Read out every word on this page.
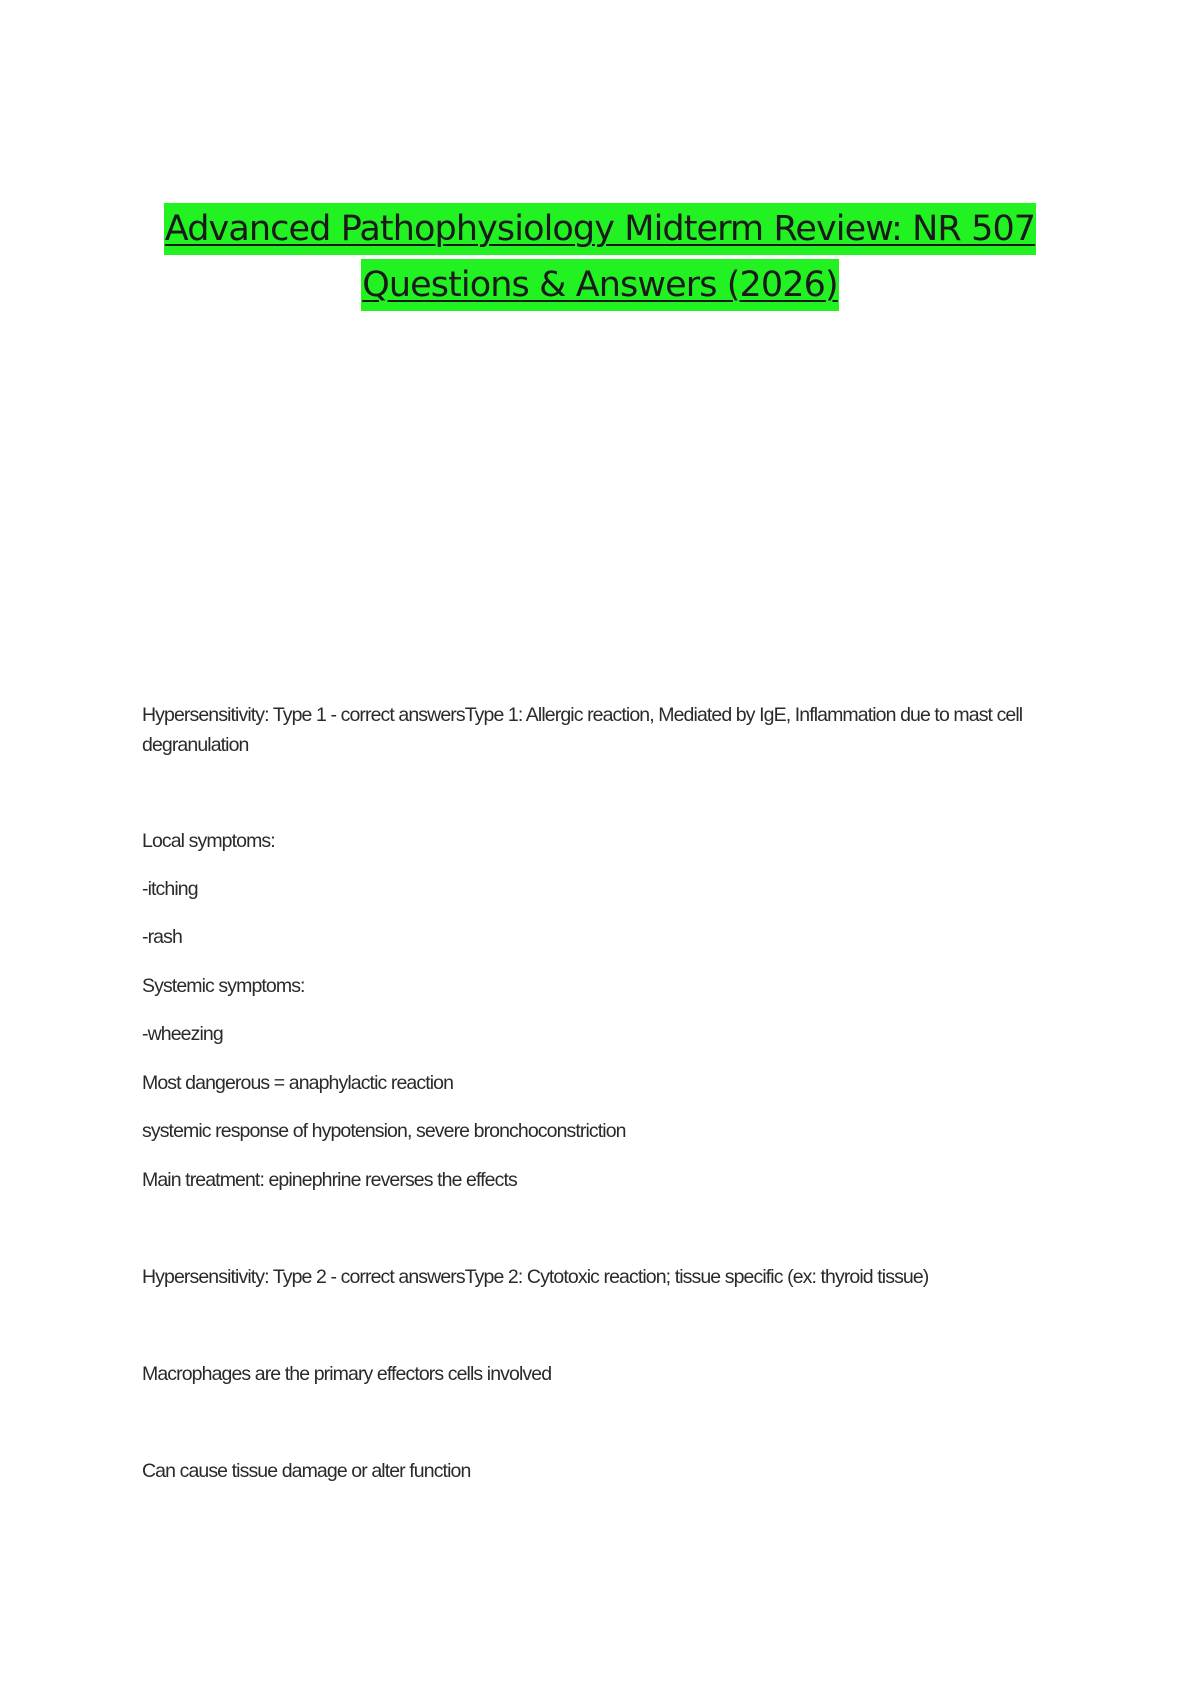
Advanced Pathophysiology Midterm Review: NR 507
Questions & Answers (2026)
Hypersensitivity: Type 1 - correct answersType 1: Allergic reaction, Mediated by IgE, Inflammation due to mast cell degranulation
Local symptoms:
-itching
-rash
Systemic symptoms:
-wheezing
Most dangerous = anaphylactic reaction
systemic response of hypotension, severe bronchoconstriction
Main treatment: epinephrine reverses the effects
Hypersensitivity: Type 2 - correct answersType 2: Cytotoxic reaction; tissue specific (ex: thyroid tissue)
Macrophages are the primary effectors cells involved
Can cause tissue damage or alter function
